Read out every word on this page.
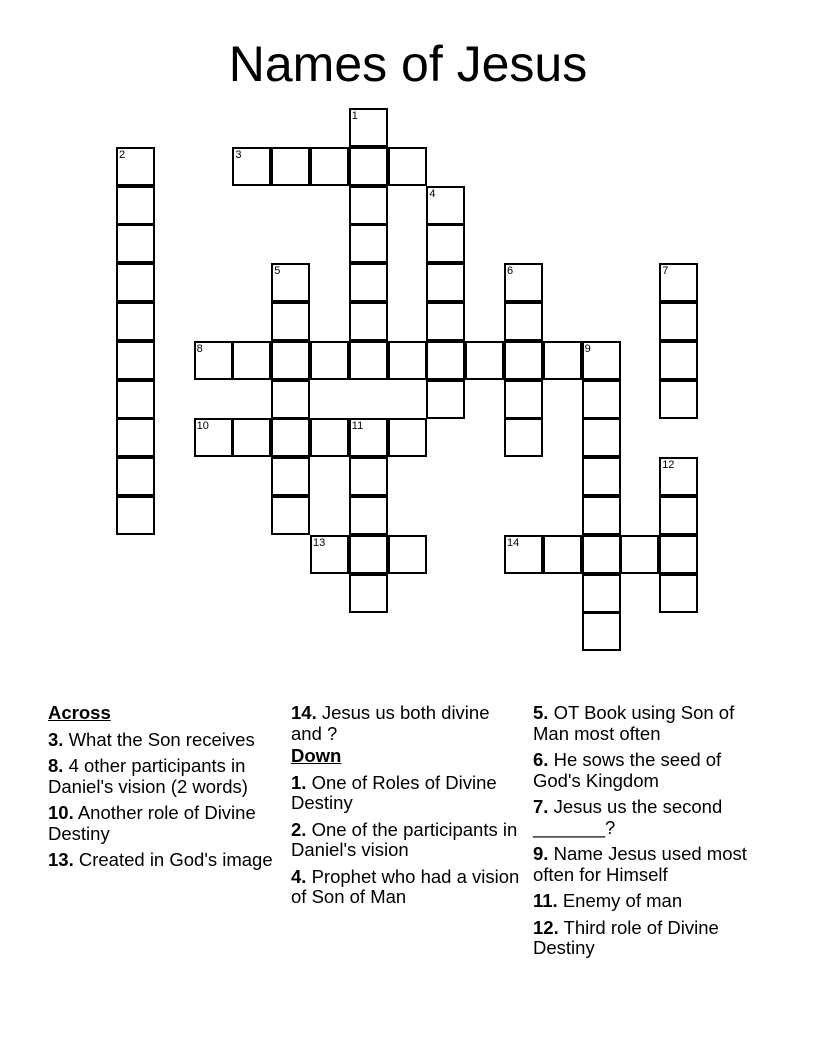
Names of Jesus
1
2	3
4
5	6	7
8	9
10	11
12
13	14
Across
3. What the Son receives
8. 4 other participants in Daniel's vision (2 words)
10. Another role of Divine Destiny
13. Created in God's image
14. Jesus us both divine and ?
Down
1. One of Roles of Divine Destiny
2. One of the participants in Daniel's vision
4. Prophet who had a vision of Son of Man
5. OT Book using Son of Man most often
6. He sows the seed of God's Kingdom
7. Jesus us the second _______?
9. Name Jesus used most often for Himself
11. Enemy of man
12. Third role of Divine Destiny
